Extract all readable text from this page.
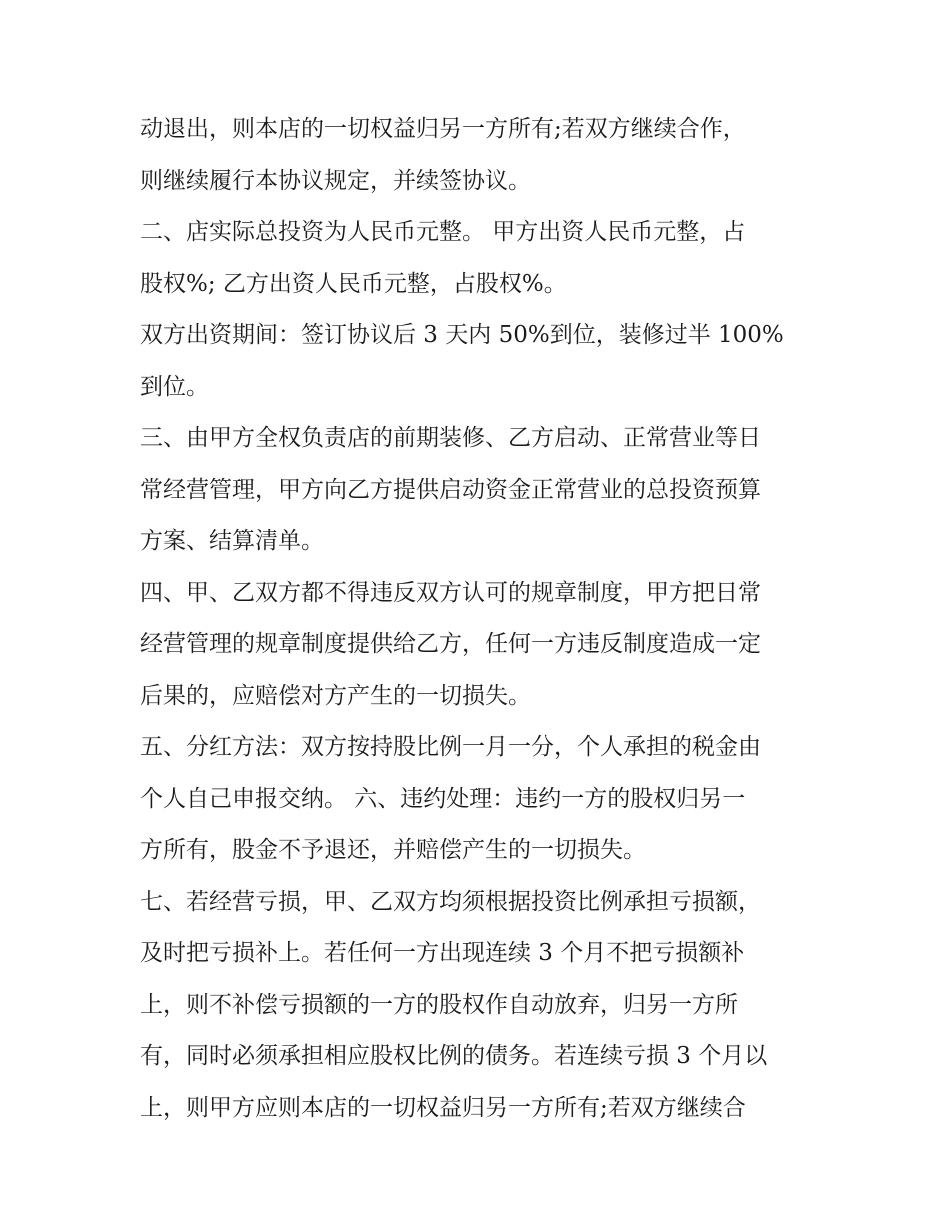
动退出，则本店的一切权益归另一方所有;若双方继续合作，
则继续履行本协议规定，并续签协议。
二、店实际总投资为人民币元整。 甲方出资人民币元整，占
股权%; 乙方出资人民币元整，占股权%。
双方出资期间：签订协议后 3 天内 50%到位，装修过半 100%
到位。
三、由甲方全权负责店的前期装修、乙方启动、正常营业等日
常经营管理，甲方向乙方提供启动资金正常营业的总投资预算
方案、结算清单。
四、甲、乙双方都不得违反双方认可的规章制度，甲方把日常
经营管理的规章制度提供给乙方，任何一方违反制度造成一定
后果的，应赔偿对方产生的一切损失。
五、分红方法：双方按持股比例一月一分，个人承担的税金由
个人自己申报交纳。 六、违约处理：违约一方的股权归另一
方所有，股金不予退还，并赔偿产生的一切损失。
七、若经营亏损，甲、乙双方均须根据投资比例承担亏损额，
及时把亏损补上。若任何一方出现连续 3 个月不把亏损额补
上，则不补偿亏损额的一方的股权作自动放弃，归另一方所
有，同时必须承担相应股权比例的债务。若连续亏损 3 个月以
上，则甲方应则本店的一切权益归另一方所有;若双方继续合
